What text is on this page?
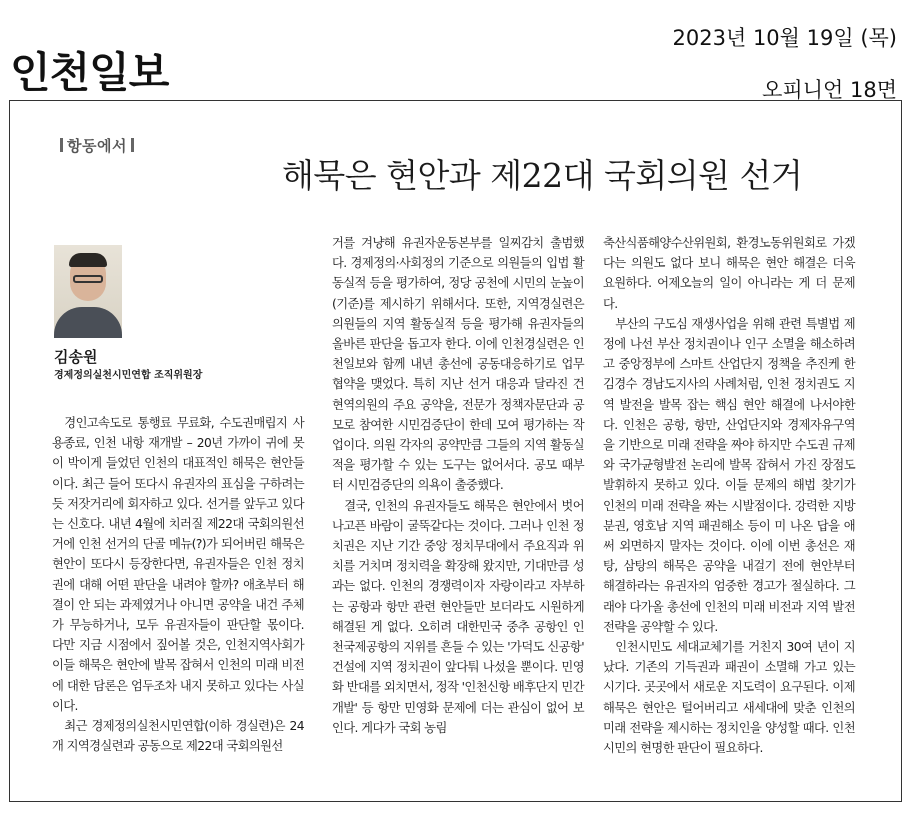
인천일보
2023년 10월 19일 (목)
오피니언 18면
항동에서
해묵은 현안과 제22대 국회의원 선거
김송원
경제정의실천시민연합 조직위원장

경인고속도로 통행료 무료화, 수도권매립지 사용종료, 인천 내항 재개발 – 20년 가까이 귀에 못이 박이게 들었던 인천의 대표적인 해묵은 현안들이다. 최근 들어 또다시 유권자의 표심을 구하려는 듯 저잣거리에 회자하고 있다. 선거를 앞두고 있다는 신호다. 내년 4월에 치러질 제22대 국회의원선거에 인천 선거의 단골 메뉴(?)가 되어버린 해묵은 현안이 또다시 등장한다면, 유권자들은 인천 정치권에 대해 어떤 판단을 내려야 할까? 애초부터 해결이 안 되는 과제였거나 아니면 공약을 내건 주체가 무능하거나, 모두 유권자들이 판단할 몫이다. 다만 지금 시점에서 짚어볼 것은, 인천지역사회가 이들 해묵은 현안에 발목 잡혀서 인천의 미래 비전에 대한 담론은 엄두조차 내지 못하고 있다는 사실이다.

최근 경제정의실천시민연합(이하 경실련)은 24개 지역경실련과 공동으로 제22대 국회의원선

거를 겨냥해 유권자운동본부를 일찌감치 출범했다. 경제정의·사회정의 기준으로 의원들의 입법 활동실적 등을 평가하여, 정당 공천에 시민의 눈높이(기준)를 제시하기 위해서다. 또한, 지역경실련은 의원들의 지역 활동실적 등을 평가해 유권자들의 올바른 판단을 돕고자 한다. 이에 인천경실련은 인천일보와 함께 내년 총선에 공동대응하기로 업무협약을 맺었다. 특히 지난 선거 대응과 달라진 건 현역의원의 주요 공약을, 전문가 정책자문단과 공모로 참여한 시민검증단이 한데 모여 평가하는 작업이다. 의원 각자의 공약만큼 그들의 지역 활동실적을 평가할 수 있는 도구는 없어서다. 공모 때부터 시민검증단의 의욕이 출중했다.

결국, 인천의 유권자들도 해묵은 현안에서 벗어나고픈 바람이 굴뚝같다는 것이다. 그러나 인천 정치권은 지난 기간 중앙 정치무대에서 주요직과 위치를 거치며 정치력을 확장해 왔지만, 기대만큼 성과는 없다. 인천의 경쟁력이자 자랑이라고 자부하는 공항과 항만 관련 현안들만 보더라도 시원하게 해결된 게 없다. 오히려 대한민국 중추 공항인 인천국제공항의 지위를 흔들 수 있는 '가덕도 신공항' 건설에 지역 정치권이 앞다퉈 나섰을 뿐이다. 민영화 반대를 외치면서, 정작 '인천신항 배후단지 민간개발' 등 항만 민영화 문제에 더는 관심이 없어 보인다. 게다가 국회 농림

축산식품해양수산위원회, 환경노동위원회로 가겠다는 의원도 없다 보니 해묵은 현안 해결은 더욱 요원하다. 어제오늘의 일이 아니라는 게 더 문제다.

부산의 구도심 재생사업을 위해 관련 특별법 제정에 나선 부산 정치권이나 인구 소멸을 해소하려고 중앙정부에 스마트 산업단지 정책을 추진케 한 김경수 경남도지사의 사례처럼, 인천 정치권도 지역 발전을 발목 잡는 핵심 현안 해결에 나서야한다. 인천은 공항, 항만, 산업단지와 경제자유구역을 기반으로 미래 전략을 짜야 하지만 수도권 규제와 국가균형발전 논리에 발목 잡혀서 가진 장점도 발휘하지 못하고 있다. 이들 문제의 해법 찾기가 인천의 미래 전략을 짜는 시발점이다. 강력한 지방분권, 영호남 지역 패권해소 등이 미 나온 답을 애써 외면하지 말자는 것이다. 이에 이번 총선은 재탕, 삼탕의 해묵은 공약을 내걸기 전에 현안부터 해결하라는 유권자의 엄중한 경고가 절실하다. 그래야 다가올 총선에 인천의 미래 비전과 지역 발전 전략을 공약할 수 있다.

인천시민도 세대교체기를 거친지 30여 년이 지났다. 기존의 기득권과 패권이 소멸해 가고 있는 시기다. 곳곳에서 새로운 지도력이 요구된다. 이제 해묵은 현안은 털어버리고 새세대에 맞춘 인천의 미래 전략을 제시하는 정치인을 양성할 때다. 인천시민의 현명한 판단이 필요하다.
